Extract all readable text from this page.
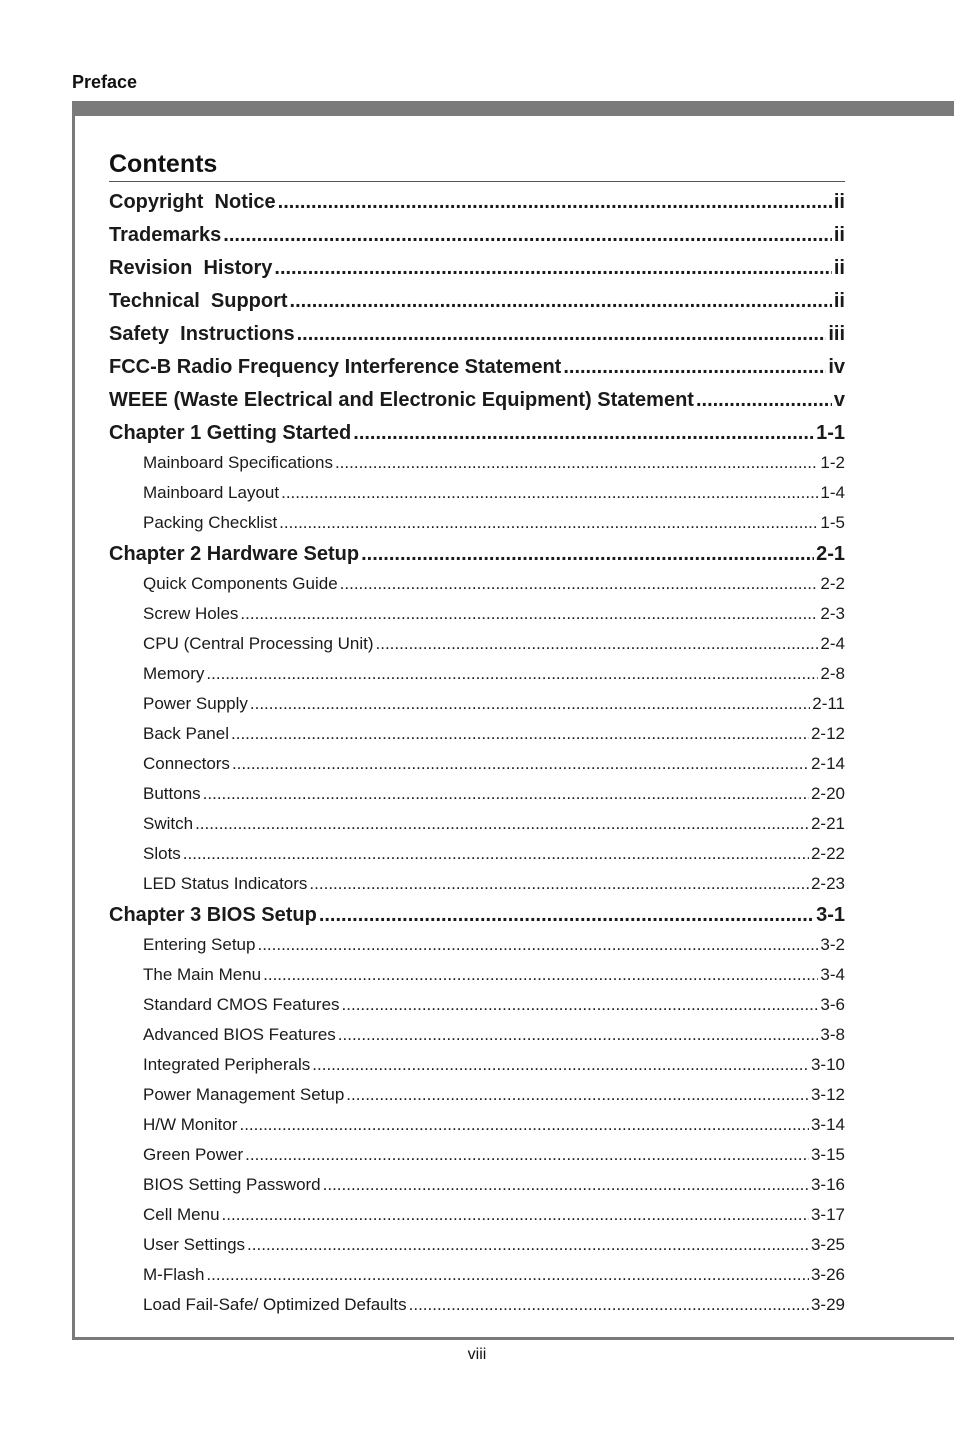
Preface
Contents
Copyright  Notice .....	ii
Trademarks .....	ii
Revision  History .....	ii
Technical  Support .....	ii
Safety  Instructions .....	iii
FCC-B Radio Frequency Interference Statement .....	iv
WEEE (Waste Electrical and Electronic Equipment) Statement .....	v
Chapter 1 Getting Started .....	1-1
Mainboard Specifications .....	1-2
Mainboard Layout .....	1-4
Packing Checklist .....	1-5
Chapter 2 Hardware Setup .....	2-1
Quick Components Guide .....	2-2
Screw Holes .....	2-3
CPU (Central Processing Unit) .....	2-4
Memory .....	2-8
Power Supply .....	2-11
Back Panel .....	2-12
Connectors .....	2-14
Buttons .....	2-20
Switch .....	2-21
Slots .....	2-22
LED Status Indicators .....	2-23
Chapter 3 BIOS Setup .....	3-1
Entering Setup .....	3-2
The Main Menu .....	3-4
Standard CMOS Features .....	3-6
Advanced BIOS Features .....	3-8
Integrated Peripherals .....	3-10
Power Management Setup .....	3-12
H/W Monitor .....	3-14
Green Power .....	3-15
BIOS Setting Password .....	3-16
Cell Menu .....	3-17
User Settings .....	3-25
M-Flash .....	3-26
Load Fail-Safe/ Optimized Defaults .....	3-29
viii
